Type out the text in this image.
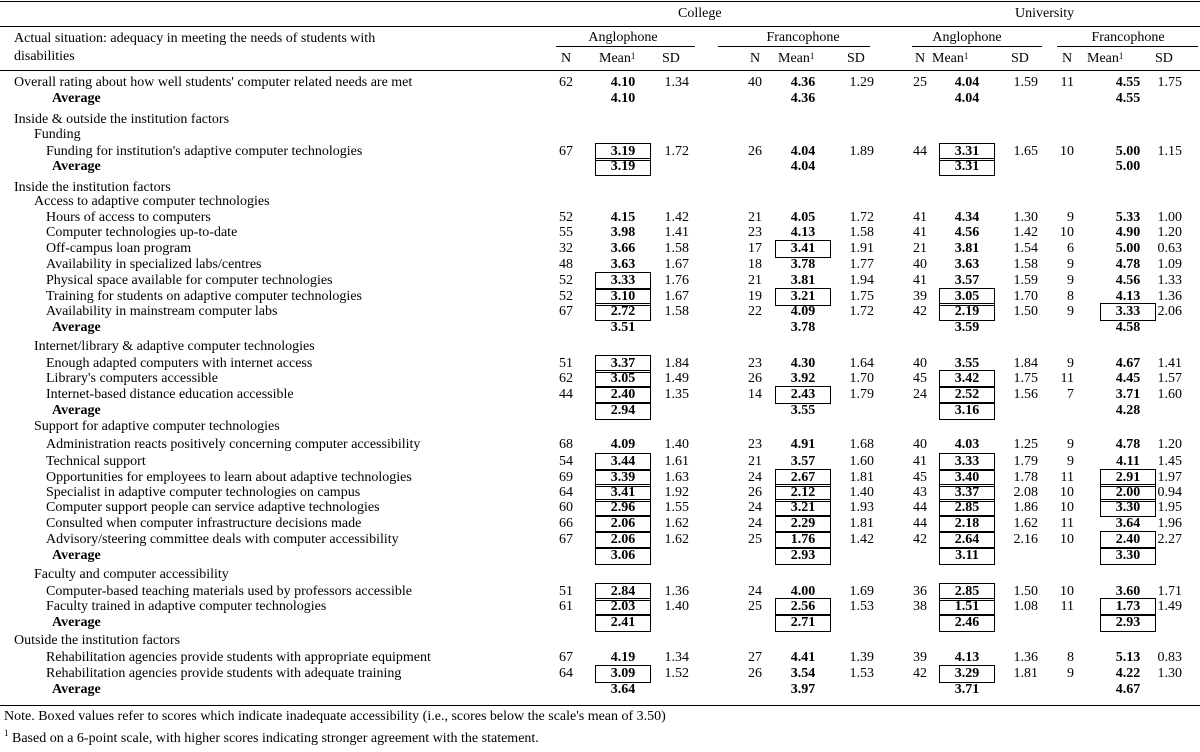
College	University
Actual situation: adequacy in meeting the needs of students with
disabilities
Anglophone
N Mean$^1$ SD
Francophone
N Mean$^1$ SD
Anglophone
N Mean$^1$	SD
Francophone
N Mean$^1$ SD
Overall rating about how well students' computer related needs are met	62	4.10	1.34	40	4.36	1.29	25	4.04	1.59	11	4.55	1.75
Average	4.10	4.36	4.04	4.55
Inside & outside the institution factors
Funding
Funding for institution's adaptive computer technologies	67	3.19	1.72	26	4.04	1.89	44	3.31	1.65	10	5.00	1.15
Average	3.19	4.04	3.31	5.00
Inside the institution factors
Access to adaptive computer technologies
Hours of access to computers	52	4.15	1.42	21	4.05	1.72	41	4.34	1.30	9	5.33	1.00
Computer technologies up-to-date	55	3.98	1.41	23	4.13	1.58	41	4.56	1.42	10	4.90	1.20
Off-campus loan program	32	3.66	1.58	17	3.41	1.91	21	3.81	1.54	6	5.00	0.63
Availability in specialized labs/centres	48	3.63	1.67	18	3.78	1.77	40	3.63	1.58	9	4.78	1.09
Physical space available for computer technologies	52	3.33	1.76	21	3.81	1.94	41	3.57	1.59	9	4.56	1.33
Training for students on adaptive computer technologies	52	3.10	1.67	19	3.21	1.75	39	3.05	1.70	8	4.13	1.36
Availability in mainstream computer labs	67	2.72	1.58	22	4.09	1.72	42	2.19	1.50	9	3.33	2.06
Average	3.51	3.78	3.59	4.58
Internet/library & adaptive computer technologies
Enough adapted computers with internet access	51	3.37	1.84	23	4.30	1.64	40	3.55	1.84	9	4.67	1.41
Library's computers accessible	62	3.05	1.49	26	3.92	1.70	45	3.42	1.75	11	4.45	1.57
Internet-based distance education accessible	44	2.40	1.35	14	2.43	1.79	24	2.52	1.56	7	3.71	1.60
Average	2.94	3.55	3.16	4.28
Support for adaptive computer technologies
Administration reacts positively concerning computer accessibility	68	4.09	1.40	23	4.91	1.68	40	4.03	1.25	9	4.78	1.20
Technical support	54	3.44	1.61	21	3.57	1.60	41	3.33	1.79	9	4.11	1.45
Opportunities for employees to learn about adaptive technologies	69	3.39	1.63	24	2.67	1.81	45	3.40	1.78	11	2.91	1.97
Specialist in adaptive computer technologies on campus	64	3.41	1.92	26	2.12	1.40	43	3.37	2.08	10	2.00	0.94
Computer support people can service adaptive technologies	60	2.96	1.55	24	3.21	1.93	44	2.85	1.86	10	3.30	1.95
Consulted when computer infrastructure decisions made	66	2.06	1.62	24	2.29	1.81	44	2.18	1.62	11	3.64	1.96
Advisory/steering committee deals with computer accessibility	67	2.06	1.62	25	1.76	1.42	42	2.64	2.16	10	2.40	2.27
Average	3.06	2.93	3.11	3.30
Faculty and computer accessibility
Computer-based teaching materials used by professors accessible	51	2.84	1.36	24	4.00	1.69	36	2.85	1.50	10	3.60	1.71
Faculty trained in adaptive computer technologies	61	2.03	1.40	25	2.56	1.53	38	1.51	1.08	11	1.73	1.49
Average	2.41	2.71	2.46	2.93
Outside the institution factors
Rehabilitation agencies provide students with appropriate equipment	67	4.19	1.34	27	4.41	1.39	39	4.13	1.36	8	5.13	0.83
Rehabilitation agencies provide students with adequate training	64	3.09	1.52	26	3.54	1.53	42	3.29	1.81	9	4.22	1.30
Average	3.64	3.97	3.71	4.67
Note. Boxed values refer to scores which indicate inadequate accessibility (i.e., scores below the scale's mean of 3.50)
$^1$ Based on a 6-point scale, with higher scores indicating stronger agreement with the statement.
